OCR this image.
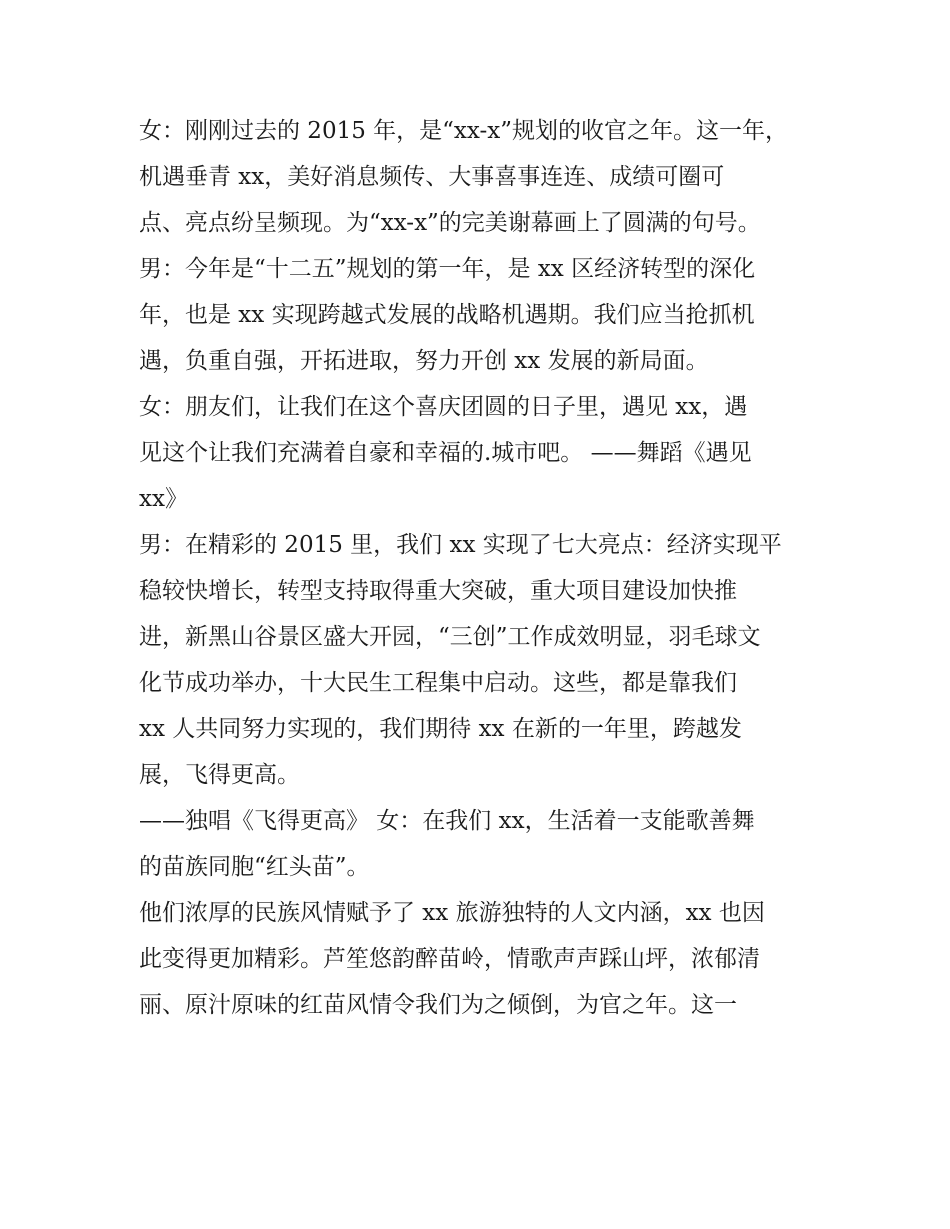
女：刚刚过去的 2015 年，是“xx-x”规划的收官之年。这一年，
机遇垂青 xx，美好消息频传、大事喜事连连、成绩可圈可
点、亮点纷呈频现。为“xx-x”的完美谢幕画上了圆满的句号。
男：今年是“十二五”规划的第一年，是 xx 区经济转型的深化
年，也是 xx 实现跨越式发展的战略机遇期。我们应当抢抓机
遇，负重自强，开拓进取，努力开创 xx 发展的新局面。
女：朋友们，让我们在这个喜庆团圆的日子里，遇见 xx，遇
见这个让我们充满着自豪和幸福的.城市吧。 ——舞蹈《遇见
xx》
男：在精彩的 2015 里，我们 xx 实现了七大亮点：经济实现平
稳较快增长，转型支持取得重大突破，重大项目建设加快推
进，新黑山谷景区盛大开园，“三创”工作成效明显，羽毛球文
化节成功举办，十大民生工程集中启动。这些，都是靠我们
xx 人共同努力实现的，我们期待 xx 在新的一年里，跨越发
展，飞得更高。
——独唱《飞得更高》 女：在我们 xx，生活着一支能歌善舞
的苗族同胞“红头苗”。
他们浓厚的民族风情赋予了 xx 旅游独特的人文内涵，xx 也因
此变得更加精彩。芦笙悠韵醉苗岭，情歌声声踩山坪，浓郁清
丽、原汁原味的红苗风情令我们为之倾倒，为官之年。这一
